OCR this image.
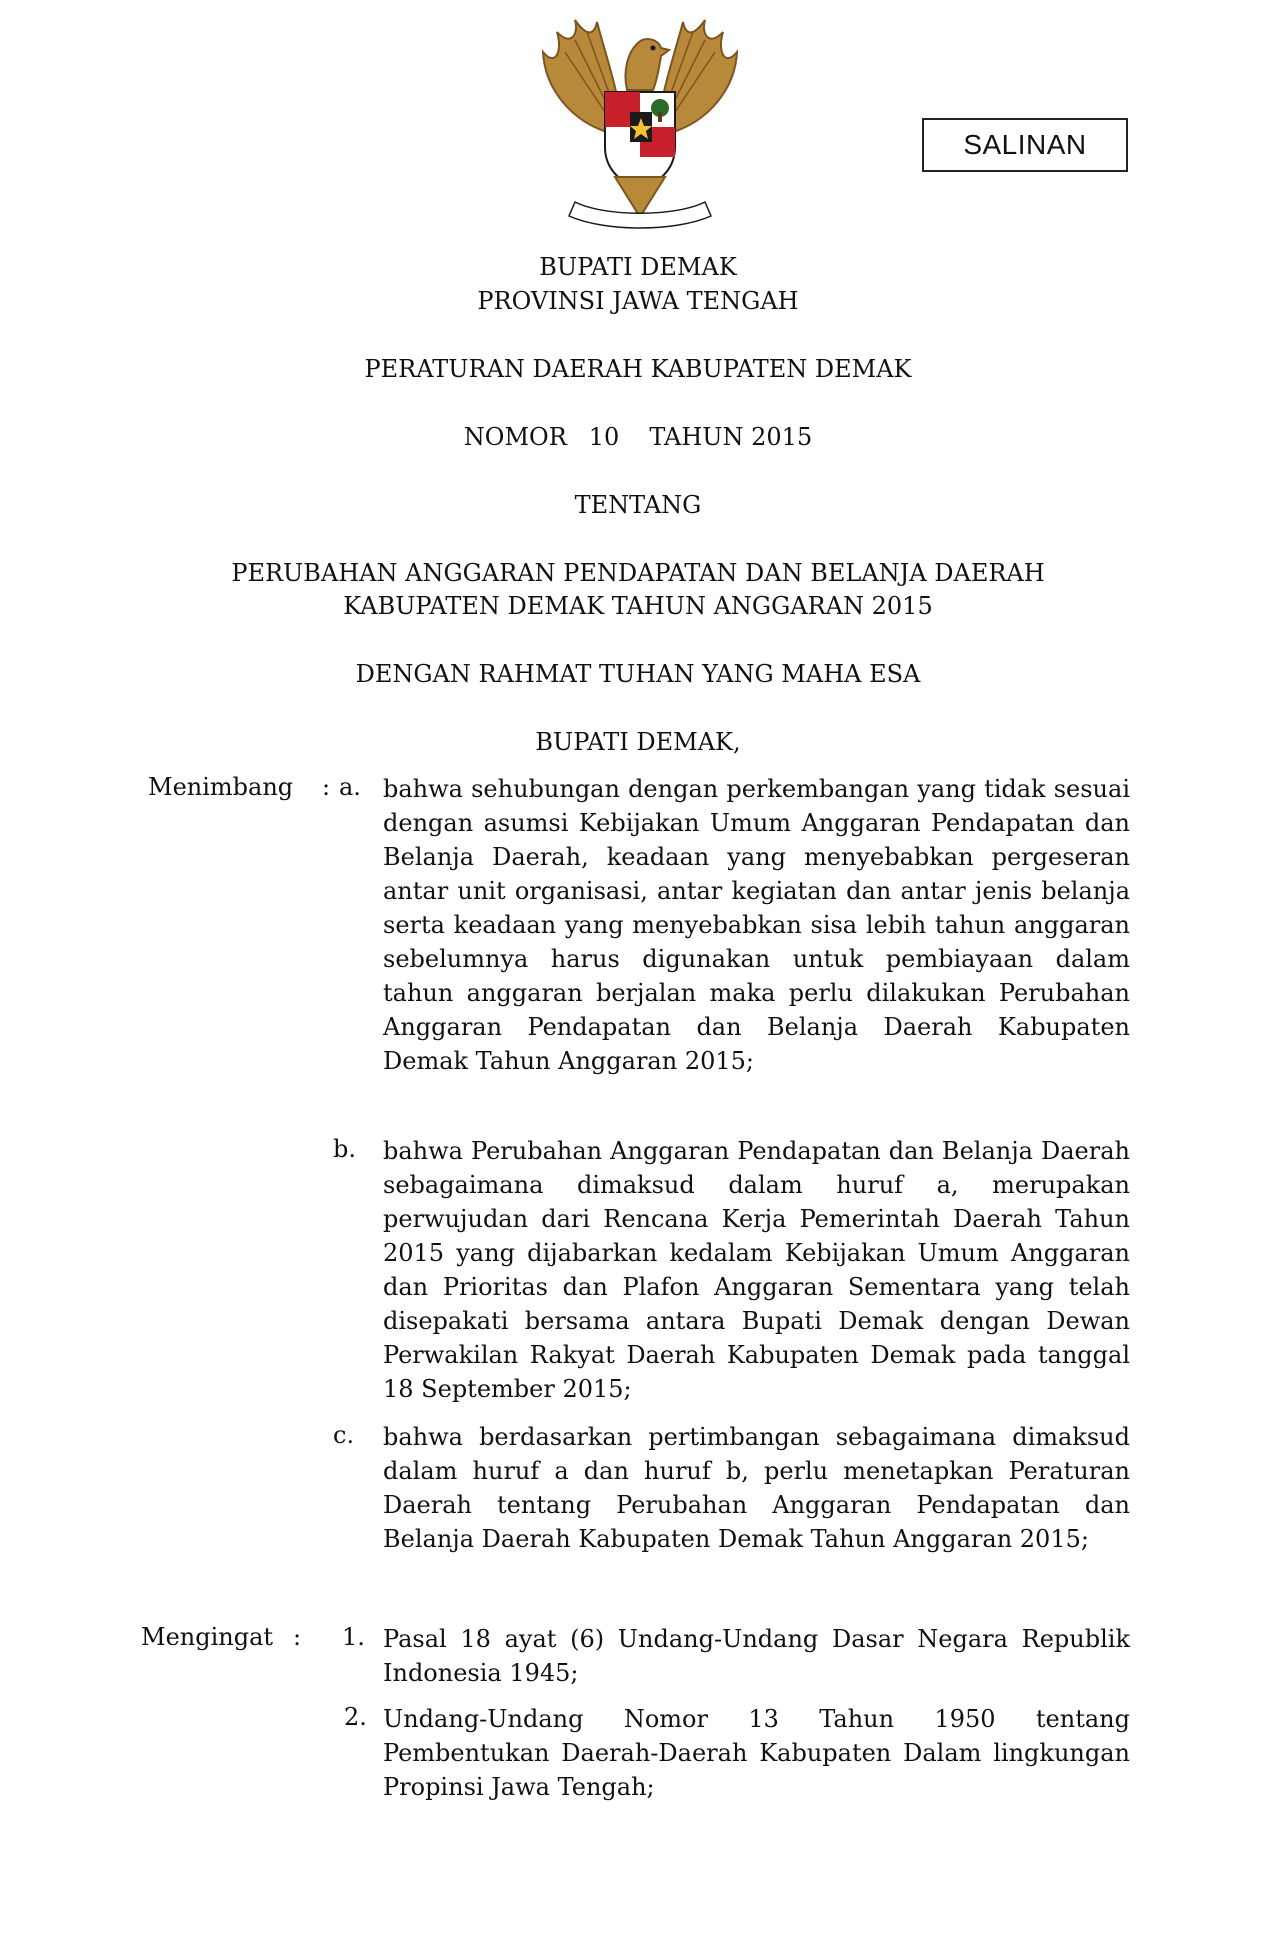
SALINAN
BUPATI DEMAK
PROVINSI JAWA TENGAH
PERATURAN DAERAH KABUPATEN DEMAK
NOMOR 10 TAHUN 2015
TENTANG
PERUBAHAN ANGGARAN PENDAPATAN DAN BELANJA DAERAH
KABUPATEN DEMAK TAHUN ANGGARAN 2015
DENGAN RAHMAT TUHAN YANG MAHA ESA
BUPATI DEMAK,
Menimbang : a. bahwa sehubungan dengan perkembangan yang tidak sesuai dengan asumsi Kebijakan Umum Anggaran Pendapatan dan Belanja Daerah, keadaan yang menyebabkan pergeseran antar unit organisasi, antar kegiatan dan antar jenis belanja serta keadaan yang menyebabkan sisa lebih tahun anggaran sebelumnya harus digunakan untuk pembiayaan dalam tahun anggaran berjalan maka perlu dilakukan Perubahan Anggaran Pendapatan dan Belanja Daerah Kabupaten Demak Tahun Anggaran 2015;
b. bahwa Perubahan Anggaran Pendapatan dan Belanja Daerah sebagaimana dimaksud dalam huruf a, merupakan perwujudan dari Rencana Kerja Pemerintah Daerah Tahun 2015 yang dijabarkan kedalam Kebijakan Umum Anggaran dan Prioritas dan Plafon Anggaran Sementara yang telah disepakati bersama antara Bupati Demak dengan Dewan Perwakilan Rakyat Daerah Kabupaten Demak pada tanggal 18 September 2015;
c. bahwa berdasarkan pertimbangan sebagaimana dimaksud dalam huruf a dan huruf b, perlu menetapkan Peraturan Daerah tentang Perubahan Anggaran Pendapatan dan Belanja Daerah Kabupaten Demak Tahun Anggaran 2015;
Mengingat : 1. Pasal 18 ayat (6) Undang-Undang Dasar Negara Republik Indonesia 1945;
2. Undang-Undang Nomor 13 Tahun 1950 tentang Pembentukan Daerah-Daerah Kabupaten Dalam lingkungan Propinsi Jawa Tengah;
